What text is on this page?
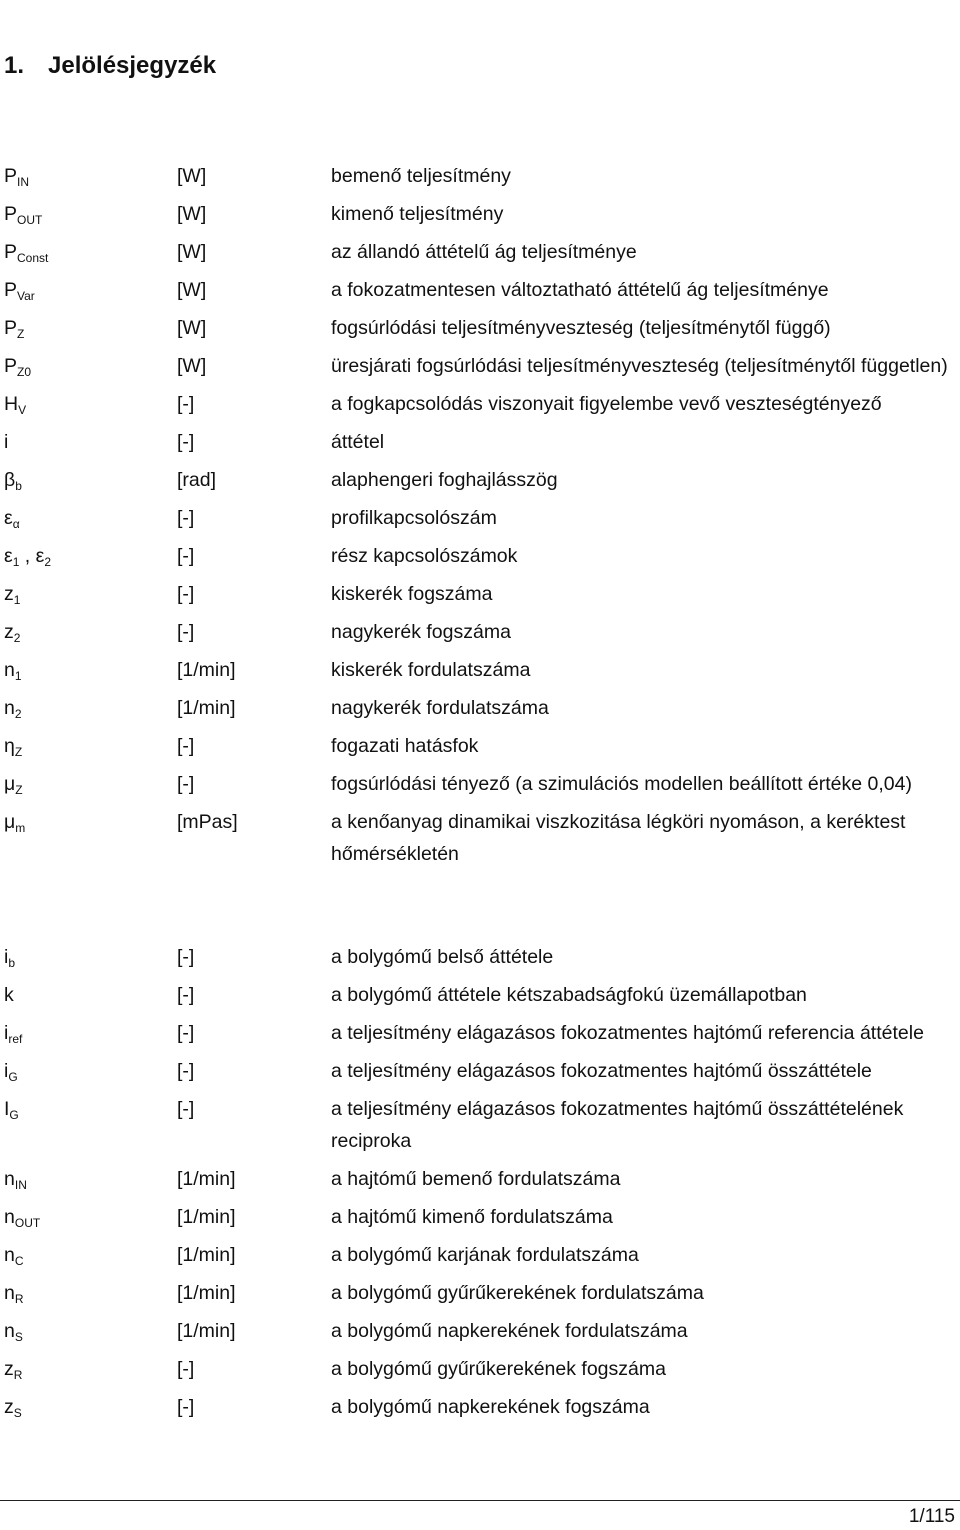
1. Jelölésjegyzék
$P_{IN}$	[W]	bemenő teljesítmény
$P_{OUT}$	[W]	kimenő teljesítmény
$P_{Const}$	[W]	az állandó áttételű ág teljesítménye
$P_{Var}$	[W]	a fokozatmentesen változtatható áttételű ág teljesítménye
$P_Z$	[W]	fogsúrlódási teljesítményveszteség (teljesítménytől függő)
$P_{Z0}$	[W]	üresjárati fogsúrlódási teljesítményveszteség (teljesítménytől független)
$H_V$	[-]	a fogkapcsolódás viszonyait figyelembe vevő veszteségtényező
i	[-]	áttétel
$\beta_b$	[rad]	alaphengeri foghajlásszög
$\varepsilon_\alpha$	[-]	profilkapcsolószám
$\varepsilon_1$ , $\varepsilon_2$	[-]	rész kapcsolószámok
$z_1$	[-]	kiskerék fogszáma
$z_2$	[-]	nagykerék fogszáma
$n_1$	[1/min]	kiskerék fordulatszáma
$n_2$	[1/min]	nagykerék fordulatszáma
$\eta_Z$	[-]	fogazati hatásfok
$\mu_Z$	[-]	fogsúrlódási tényező (a szimulációs modellen beállított értéke 0,04)
$\mu_m$	[mPas]	a kenőanyag dinamikai viszkozitása légköri nyomáson, a keréktest hőmérsékletén
$i_b$	[-]	a bolygómű belső áttétele
k	[-]	a bolygómű áttétele kétszabadságfokú üzemállapotban
$i_{ref}$	[-]	a teljesítmény elágazásos fokozatmentes hajtómű referencia áttétele
$i_G$	[-]	a teljesítmény elágazásos fokozatmentes hajtómű összáttétele
$I_G$	[-]	a teljesítmény elágazásos fokozatmentes hajtómű összáttételének reciproka
$n_{IN}$	[1/min]	a hajtómű bemenő fordulatszáma
$n_{OUT}$	[1/min]	a hajtómű kimenő fordulatszáma
$n_C$	[1/min]	a bolygómű karjának fordulatszáma
$n_R$	[1/min]	a bolygómű gyűrűkerekének fordulatszáma
$n_S$	[1/min]	a bolygómű napkerekének fordulatszáma
$z_R$	[-]	a bolygómű gyűrűkerekének fogszáma
$z_S$	[-]	a bolygómű napkerekének fogszáma
1/115
